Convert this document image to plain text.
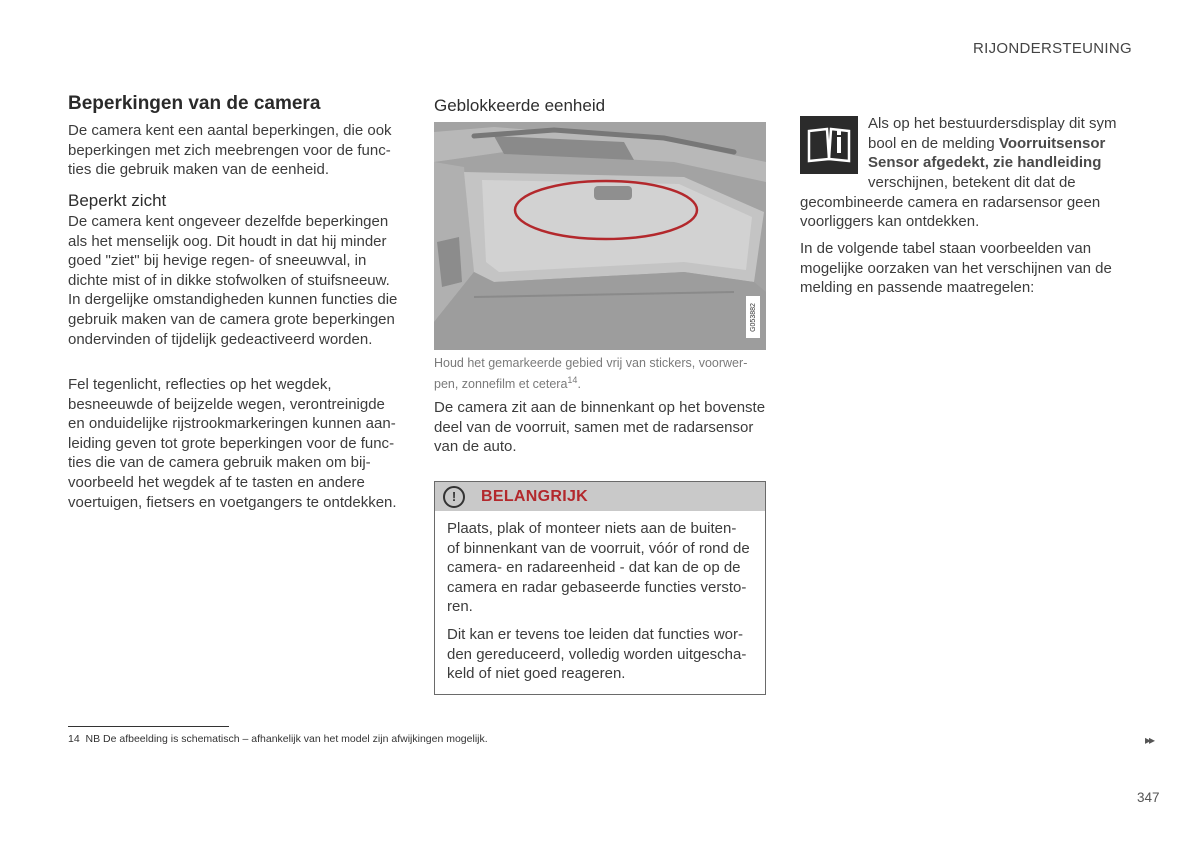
RIJONDERSTEUNING
Beperkingen van de camera

De camera kent een aantal beperkingen, die ook beperkingen met zich meebrengen voor de functies die gebruik maken van de eenheid.

Beperkt zicht

De camera kent ongeveer dezelfde beperkingen als het menselijk oog. Dit houdt in dat hij minder goed "ziet" bij hevige regen- of sneeuwval, in dichte mist of in dikke stofwolken of stuifsneeuw. In dergelijke omstandigheden kunnen functies die gebruik maken van de camera grote beperkingen ondervinden of tijdelijk gedeactiveerd worden.

Fel tegenlicht, reflecties op het wegdek, besneeuwde of beijzelde wegen, verontreinigde en onduidelijke rijstrookmarkeringen kunnen aanleiding geven tot grote beperkingen voor de functies die van de camera gebruik maken om bijvoorbeeld het wegdek af te tasten en andere voertuigen, fietsers en voetgangers te ontdekken.

Geblokkeerde eenheid
G053882
Houd het gemarkeerde gebied vrij van stickers, voorwerpen, zonnefilm et cetera$^{14}$.

De camera zit aan de binnenkant op het bovenste deel van de voorruit, samen met de radarsensor van de auto.

!	BELANGRIJK

Plaats, plak of monteer niets aan de buiten- of binnenkant van de voorruit, vóór of rond de camera- en radareenheid - dat kan de op de camera en radar gebaseerde functies verstoren.

Dit kan er tevens toe leiden dat functies worden gereduceerd, volledig worden uitgeschakeld of niet goed reageren.

Als op het bestuurdersdisplay dit sym
bool en de melding Voorruitsensor Sensor afgedekt, zie handleiding

verschijnen, betekent dit dat de gecombineerde camera en radarsensor geen voorliggers kan ontdekken.

In de volgende tabel staan voorbeelden van mogelijke oorzaken van het verschijnen van de melding en passende maatregelen:

14 NB De afbeelding is schematisch – afhankelijk van het model zijn afwijkingen mogelijk.	▸▸
347
